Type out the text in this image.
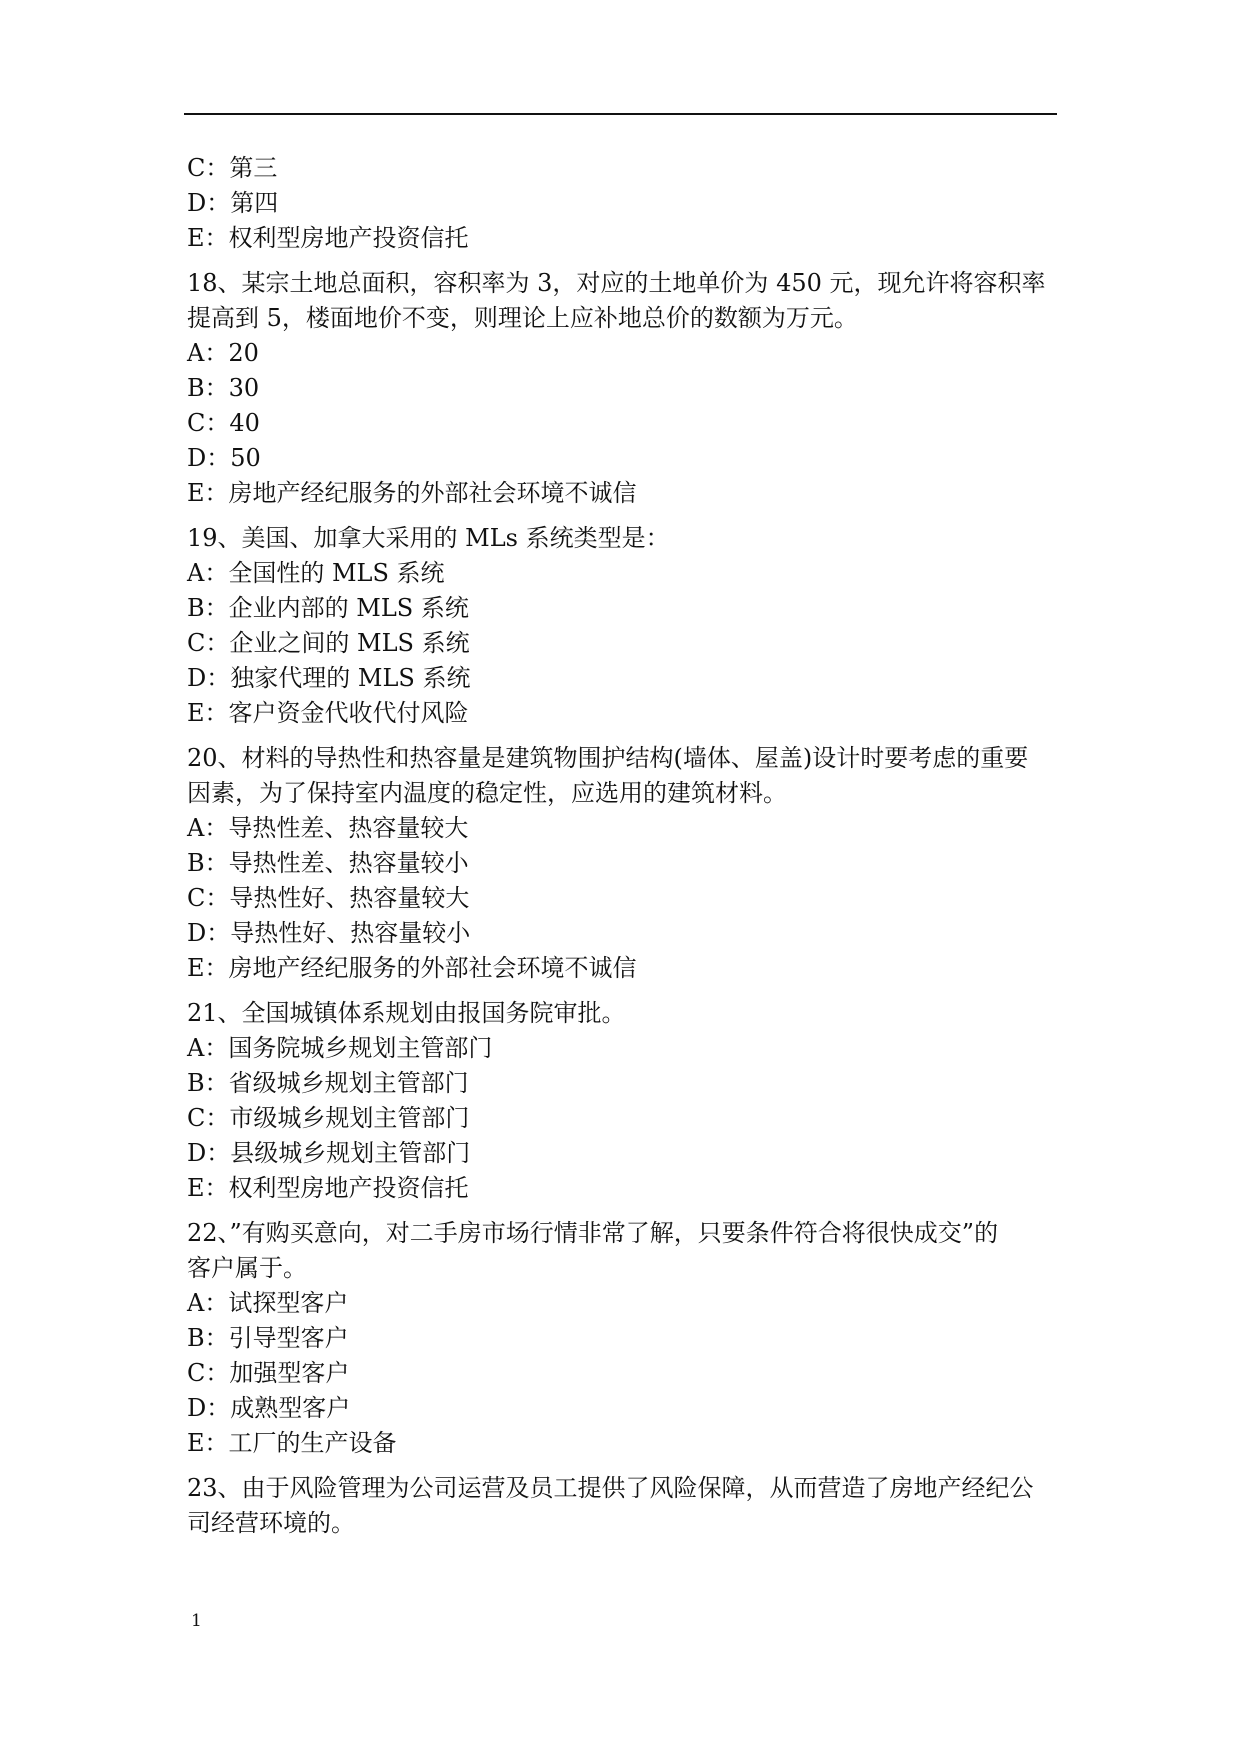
C：第三
D：第四
E：权利型房地产投资信托
18、某宗土地总面积，容积率为 3，对应的土地单价为 450 元，现允许将容积率
提高到 5，楼面地价不变，则理论上应补地总价的数额为万元。
A：20
B：30
C：40
D：50
E：房地产经纪服务的外部社会环境不诚信
19、美国、加拿大采用的 MLs 系统类型是：
A：全国性的 MLS 系统
B：企业内部的 MLS 系统
C：企业之间的 MLS 系统
D：独家代理的 MLS 系统
E：客户资金代收代付风险
20、材料的导热性和热容量是建筑物围护结构(墙体、屋盖)设计时要考虑的重要
因素，为了保持室内温度的稳定性，应选用的建筑材料。
A：导热性差、热容量较大
B：导热性差、热容量较小
C：导热性好、热容量较大
D：导热性好、热容量较小
E：房地产经纪服务的外部社会环境不诚信
21、全国城镇体系规划由报国务院审批。
A：国务院城乡规划主管部门
B：省级城乡规划主管部门
C：市级城乡规划主管部门
D：县级城乡规划主管部门
E：权利型房地产投资信托
22、”有购买意向，对二手房市场行情非常了解，只要条件符合将很快成交”的
客户属于。
A：试探型客户
B：引导型客户
C：加强型客户
D：成熟型客户
E：工厂的生产设备
23、由于风险管理为公司运营及员工提供了风险保障，从而营造了房地产经纪公
司经营环境的。
1
